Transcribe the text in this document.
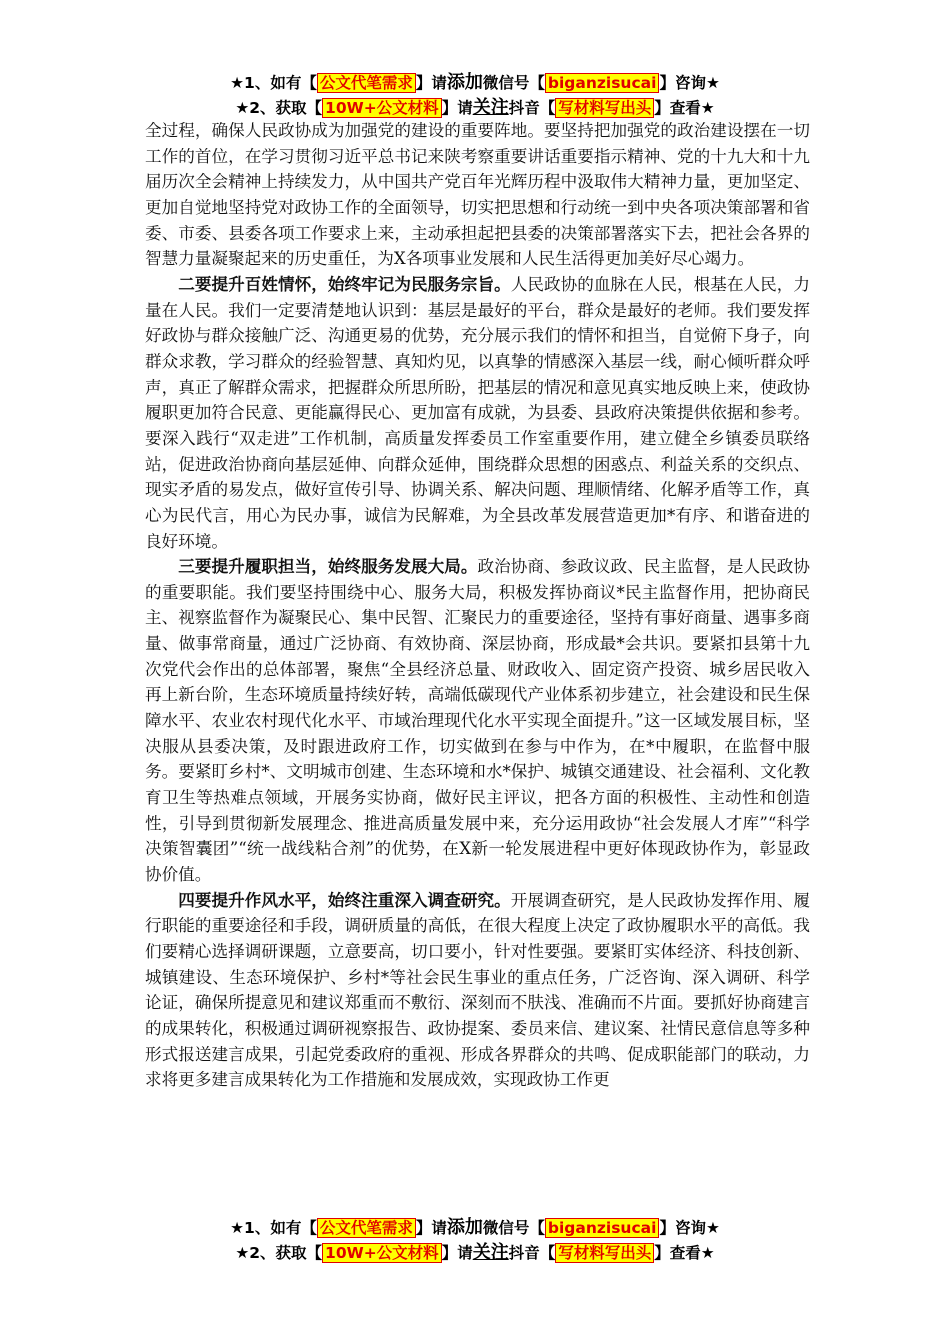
★1、如有【 公文代笔需求 】请添加微信号【 biganzisucai 】咨询★
★2、获取【 10W+公文材料 】请关注抖音【 写材料写出头 】查看★

全过程，确保人民政协成为加强党的建设的重要阵地。要坚持把加强党的政治建设摆在一切工作的首位，在学习贯彻习近平总书记来陕考察重要讲话重要指示精神、党的十九大和十九届历次全会精神上持续发力，从中国共产党百年光辉历程中汲取伟大精神力量，更加坚定、更加自觉地坚持党对政协工作的全面领导，切实把思想和行动统一到中央各项决策部署和省委、市委、县委各项工作要求上来，主动承担起把县委的决策部署落实下去，把社会各界的智慧力量凝聚起来的历史重任，为X各项事业发展和人民生活得更加美好尽心竭力。

二要提升百姓情怀，始终牢记为民服务宗旨。人民政协的血脉在人民，根基在人民，力量在人民。我们一定要清楚地认识到：基层是最好的平台，群众是最好的老师。我们要发挥好政协与群众接触广泛、沟通更易的优势，充分展示我们的情怀和担当，自觉俯下身子，向群众求教，学习群众的经验智慧、真知灼见，以真挚的情感深入基层一线，耐心倾听群众呼声，真正了解群众需求，把握群众所思所盼，把基层的情况和意见真实地反映上来，使政协履职更加符合民意、更能赢得民心、更加富有成就，为县委、县政府决策提供依据和参考。要深入践行“双走进”工作机制，高质量发挥委员工作室重要作用，建立健全乡镇委员联络站，促进政治协商向基层延伸、向群众延伸，围绕群众思想的困惑点、利益关系的交织点、现实矛盾的易发点，做好宣传引导、协调关系、解决问题、理顺情绪、化解矛盾等工作，真心为民代言，用心为民办事，诚信为民解难，为全县改革发展营造更加*有序、和谐奋进的良好环境。

三要提升履职担当，始终服务发展大局。政治协商、参政议政、民主监督，是人民政协的重要职能。我们要坚持围绕中心、服务大局，积极发挥协商议*民主监督作用，把协商民主、视察监督作为凝聚民心、集中民智、汇聚民力的重要途径，坚持有事好商量、遇事多商量、做事常商量，通过广泛协商、有效协商、深层协商，形成最*会共识。要紧扣县第十九次党代会作出的总体部署，聚焦“全县经济总量、财政收入、固定资产投资、城乡居民收入再上新台阶，生态环境质量持续好转，高端低碳现代产业体系初步建立，社会建设和民生保障水平、农业农村现代化水平、市域治理现代化水平实现全面提升。”这一区域发展目标，坚决服从县委决策，及时跟进政府工作，切实做到在参与中作为，在*中履职，在监督中服务。要紧盯乡村*、文明城市创建、生态环境和水*保护、城镇交通建设、社会福利、文化教育卫生等热难点领域，开展务实协商，做好民主评议，把各方面的积极性、主动性和创造性，引导到贯彻新发展理念、推进高质量发展中来，充分运用政协“社会发展人才库”“科学决策智囊团”“统一战线粘合剂”的优势，在X新一轮发展进程中更好体现政协作为，彰显政协价值。

四要提升作风水平，始终注重深入调查研究。开展调查研究，是人民政协发挥作用、履行职能的重要途径和手段，调研质量的高低，在很大程度上决定了政协履职水平的高低。我们要精心选择调研课题，立意要高，切口要小，针对性要强。要紧盯实体经济、科技创新、城镇建设、生态环境保护、乡村*等社会民生事业的重点任务，广泛咨询、深入调研、科学论证，确保所提意见和建议郑重而不敷衍、深刻而不肤浅、准确而不片面。要抓好协商建言的成果转化，积极通过调研视察报告、政协提案、委员来信、建议案、社情民意信息等多种形式报送建言成果，引起党委政府的重视、形成各界群众的共鸣、促成职能部门的联动，力求将更多建言成果转化为工作措施和发展成效，实现政协工作更

★1、如有【 公文代笔需求 】请添加微信号【 biganzisucai 】咨询★
★2、获取【 10W+公文材料 】请关注抖音【 写材料写出头 】查看★
